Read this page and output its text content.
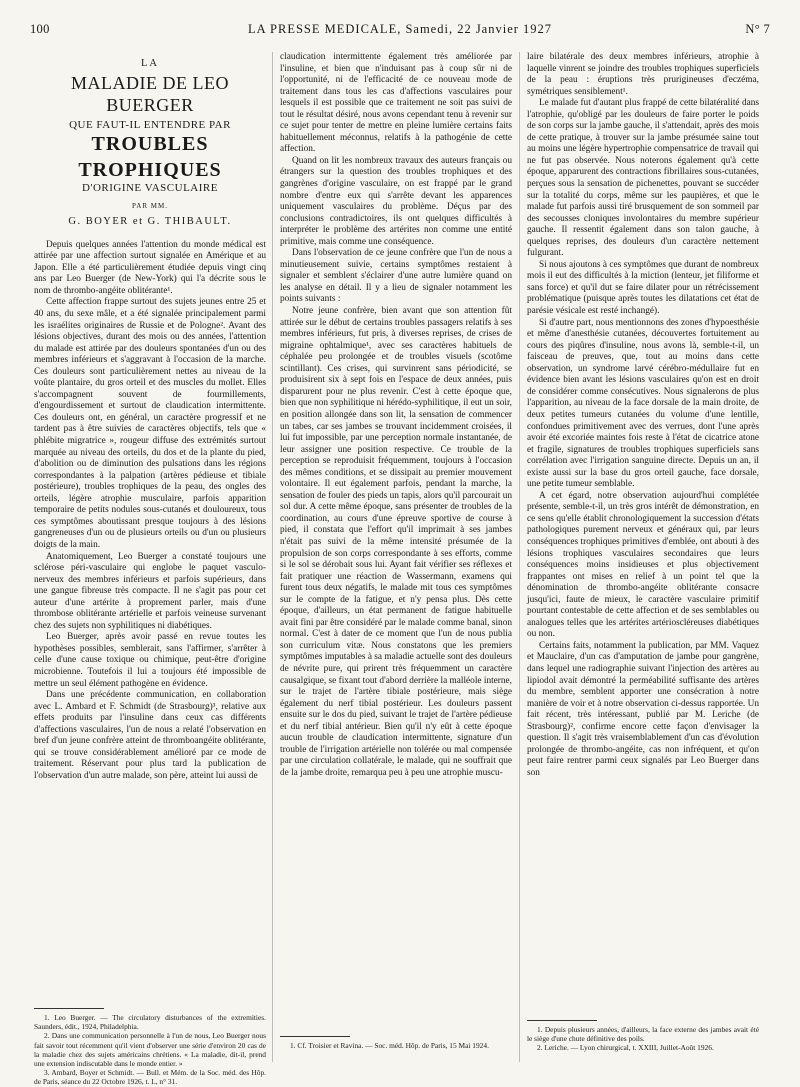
100	LA PRESSE MEDICALE, Samedi, 22 Janvier 1927	N° 7
LA
MALADIE DE LEO BUERGER
QUE FAUT-IL ENTENDRE PAR
TROUBLES TROPHIQUES
D'ORIGINE VASCULAIRE
PAR MM.
G. BOYER et G. THIBAULT.

Depuis quelques années l'attention du monde médical est attirée par une affection surtout signalée en Amérique et au Japon. Elle a été particulièrement étudiée depuis vingt cinq ans par Leo Buerger (de New-York) qui l'a décrite sous le nom de thrombo-angéite oblitérante¹.

Cette affection frappe surtout des sujets jeunes entre 25 et 40 ans, du sexe mâle, et a été signalée principalement parmi les israélites originaires de Russie et de Pologne². Avant des lésions objectives, durant des mois ou des années, l'attention du malade est attirée par des douleurs spontanées d'un ou des membres inférieurs et s'aggravant à l'occasion de la marche. Ces douleurs sont particulièrement nettes au niveau de la voûte plantaire, du gros orteil et des muscles du mollet. Elles s'accompagnent souvent de fourmillements, d'engourdissement et surtout de claudication intermittente. Ces douleurs ont, en général, un caractère progressif et ne tardent pas à être suivies de caractères objectifs, tels que « phlébite migratrice », rougeur diffuse des extrémités surtout marquée au niveau des orteils, du dos et de la plante du pied, d'abolition ou de diminution des pulsations dans les régions correspondantes à la palpation (artères pédieuse et tibiale postérieure), troubles trophiques de la peau, des ongles des orteils, légère atrophie musculaire, parfois apparition temporaire de petits nodules sous-cutanés et douloureux, tous ces symptômes aboutissant presque toujours à des lésions gangreneuses d'un ou de plusieurs orteils ou d'un ou plusieurs doigts de la main.

Anatomiquement, Leo Buerger a constaté toujours une sclérose péri-vasculaire qui englobe le paquet vasculo-nerveux des membres inférieurs et parfois supérieurs, dans une gangue fibreuse très compacte. Il ne s'agit pas pour cet auteur d'une artérite à proprement parler, mais d'une thrombose oblitérante artérielle et parfois veineuse survenant chez des sujets non syphilitiques ni diabétiques.

Leo Buerger, après avoir passé en revue toutes les hypothèses possibles, semblerait, sans l'affirmer, s'arrêter à celle d'une cause toxique ou chimique, peut-être d'origine microbienne. Toutefois il lui a toujours été impossible de mettre un seul élément pathogène en évidence.

Dans une précédente communication, en collaboration avec L. Ambard et F. Schmidt (de Strasbourg)³, relative aux effets produits par l'insuline dans ceux cas différents d'affections vasculaires, l'un de nous a relaté l'observation en bref d'un jeune confrère atteint de thromboangéite oblitérante, qui se trouve considérablement amélioré par ce mode de traitement. Réservant pour plus tard la publication de l'observation d'un autre malade, son père, atteint lui aussi de

1. Leo Buerger. — The circulatory disturbances of the extremities. Saunders, édit., 1924, Philadelphia.

2. Dans une communication personnelle à l'un de nous, Leo Buerger nous fait savoir tout récemment qu'il vient d'observer une série d'environ 20 cas de la maladie chez des sujets américains chrétiens. « La maladie, dit-il, prend une extension indiscutable dans le monde entier. »

3. Ambard, Boyer et Schmidt. — Bull. et Mém. de la Soc. méd. des Hôp. de Paris, séance du 22 Octobre 1926, t. L, n° 31.

claudication intermittente également très améliorée par l'insuline, et bien que n'induisant pas à coup sûr ni de l'opportunité, ni de l'efficacité de ce nouveau mode de traitement dans tous les cas d'affections vasculaires pour lesquels il est possible que ce traitement ne soit pas suivi de tout le résultat désiré, nous avons cependant tenu à revenir sur ce sujet pour tenter de mettre en pleine lumière certains faits habituellement méconnus, relatifs à la pathogénie de cette affection.

Quand on lit les nombreux travaux des auteurs français ou étrangers sur la question des troubles trophiques et des gangrènes d'origine vasculaire, on est frappé par le grand nombre d'entre eux qui s'arrête devant les apparences uniquement vasculaires du problème. Déçus par des conclusions contradictoires, ils ont quelques difficultés à interpréter le problème des artérites non comme une entité primitive, mais comme une conséquence.

Dans l'observation de ce jeune confrère que l'un de nous a minutieusement suivie, certains symptômes restaient à signaler et semblent s'éclairer d'une autre lumière quand on les analyse en détail. Il y a lieu de signaler notamment les points suivants :

Notre jeune confrère, bien avant que son attention fût attirée sur le début de certains troubles passagers relatifs à ses membres inférieurs, fut pris, à diverses reprises, de crises de migraine ophtalmique¹, avec ses caractères habituels de céphalée peu prolongée et de troubles visuels (scotôme scintillant). Ces crises, qui survinrent sans périodicité, se produisirent six à sept fois en l'espace de deux années, puis disparurent pour ne plus revenir. C'est à cette époque que, bien que non syphilitique ni hérédo-syphilitique, il eut un soir, en position allongée dans son lit, la sensation de commencer un tabes, car ses jambes se trouvant incidemment croisées, il lui fut impossible, par une perception normale instantanée, de leur assigner une position respective. Ce trouble de la perception se reproduisit fréquemment, toujours à l'occasion des mêmes conditions, et se dissipait au premier mouvement volontaire. Il eut également parfois, pendant la marche, la sensation de fouler des pieds un tapis, alors qu'il parcourait un sol dur. A cette même époque, sans présenter de troubles de la coordination, au cours d'une épreuve sportive de course à pied, il constata que l'effort qu'il imprimait à ses jambes n'était pas suivi de la même intensité présumée de la propulsion de son corps correspondante à ses efforts, comme si le sol se dérobait sous lui. Ayant fait vérifier ses réflexes et fait pratiquer une réaction de Wassermann, examens qui furent tous deux négatifs, le malade mit tous ces symptômes sur le compte de la fatigue, et n'y pensa plus. Dès cette époque, d'ailleurs, un état permanent de fatigue habituelle avait fini par être considéré par le malade comme banal, sinon normal. C'est à dater de ce moment que l'un de nous publia son curriculum vitæ. Nous constatons que les premiers symptômes imputables à sa maladie actuelle sont des douleurs de névrite pure, qui prirent très fréquemment un caractère causalgique, se fixant tout d'abord derrière la malléole interne, sur le trajet de l'artère tibiale postérieure, mais siège également du nerf tibial postérieur. Les douleurs passent ensuite sur le dos du pied, suivant le trajet de l'artère pédieuse et du nerf tibial antérieur. Bien qu'il n'y eût à cette époque aucun trouble de claudication intermittente, signature d'un trouble de l'irrigation artérielle non tolérée ou mal compensée par une circulation collatérale, le malade, qui ne souffrait que de la jambe droite, remarqua peu à peu une atrophie muscu-

1. Cf. Troisier et Ravina. — Soc. méd. Hôp. de Paris, 15 Mai 1924.

laire bilatérale des deux membres inférieurs, atrophie à laquelle vinrent se joindre des troubles trophiques superficiels de la peau : éruptions très prurigineuses d'eczéma, symétriques sensiblement¹.

Le malade fut d'autant plus frappé de cette bilatéralité dans l'atrophie, qu'obligé par les douleurs de faire porter le poids de son corps sur la jambe gauche, il s'attendait, après des mois de cette pratique, à trouver sur la jambe présumée saine tout au moins une légère hypertrophie compensatrice de travail qui ne fut pas observée. Nous noterons également qu'à cette époque, apparurent des contractions fibrillaires sous-cutanées, perçues sous la sensation de pichenettes, pouvant se succéder sur la totalité du corps, même sur les paupières, et que le malade fut parfois aussi tiré brusquement de son sommeil par des secousses cloniques involontaires du membre supérieur gauche. Il ressentit également dans son talon gauche, à quelques reprises, des douleurs d'un caractère nettement fulgurant.

Si nous ajoutons à ces symptômes que durant de nombreux mois il eut des difficultés à la miction (lenteur, jet filiforme et sans force) et qu'il dut se faire dilater pour un rétrécissement problématique (puisque après toutes les dilatations cet état de parésie vésicale est resté inchangé).

Si d'autre part, nous mentionnons des zones d'hypoesthésie et même d'anesthésie cutanées, découvertes fortuitement au cours des piqûres d'insuline, nous avons là, semble-t-il, un faisceau de preuves, que, tout au moins dans cette observation, un syndrome larvé cérébro-médullaire fut en évidence bien avant les lésions vasculaires qu'on est en droit de considérer comme consécutives. Nous signalerons de plus l'apparition, au niveau de la face dorsale de la main droite, de deux petites tumeurs cutanées du volume d'une lentille, confondues primitivement avec des verrues, dont l'une après avoir été excoriée maintes fois reste à l'état de cicatrice atone et fragile, signatures de troubles trophiques superficiels sans corrélation avec l'irrigation sanguine directe. Depuis un an, il existe aussi sur la base du gros orteil gauche, face dorsale, une petite tumeur semblable.

A cet égard, notre observation aujourd'hui complétée présente, semble-t-il, un très gros intérêt de démonstration, en ce sens qu'elle établit chronologiquement la succession d'états pathologiques purement nerveux et généraux qui, par leurs conséquences trophiques primitives d'emblée, ont abouti à des lésions trophiques vasculaires secondaires que leurs conséquences moins insidieuses et plus objectivement frappantes ont mises en relief à un point tel que la dénomination de thrombo-angéite oblitérante consacre jusqu'ici, faute de mieux, le caractère vasculaire primitif pourtant contestable de cette affection et de ses semblables ou analogues telles que les artérites artérioscléreuses diabétiques ou non.

Certains faits, notamment la publication, par MM. Vaquez et Mauclaire, d'un cas d'amputation de jambe pour gangrène, dans lequel une radiographie suivant l'injection des artères au lipiodol avait démontré la perméabilité suffisante des artères du membre, semblent apporter une consécration à notre manière de voir et à notre observation ci-dessus rapportée. Un fait récent, très intéressant, publié par M. Leriche (de Strasbourg)², confirme encore cette façon d'envisager la question. Il s'agit très vraisemblablement d'un cas d'évolution prolongée de thrombo-angéite, cas non infréquent, et qu'on peut faire rentrer parmi ceux signalés par Leo Buerger dans son

1. Depuis plusieurs années, d'ailleurs, la face externe des jambes avait été le siège d'une chute définitive des poils.

2. Leriche. — Lyon chirurgical, t. XXIII, Juillet-Août 1926.
